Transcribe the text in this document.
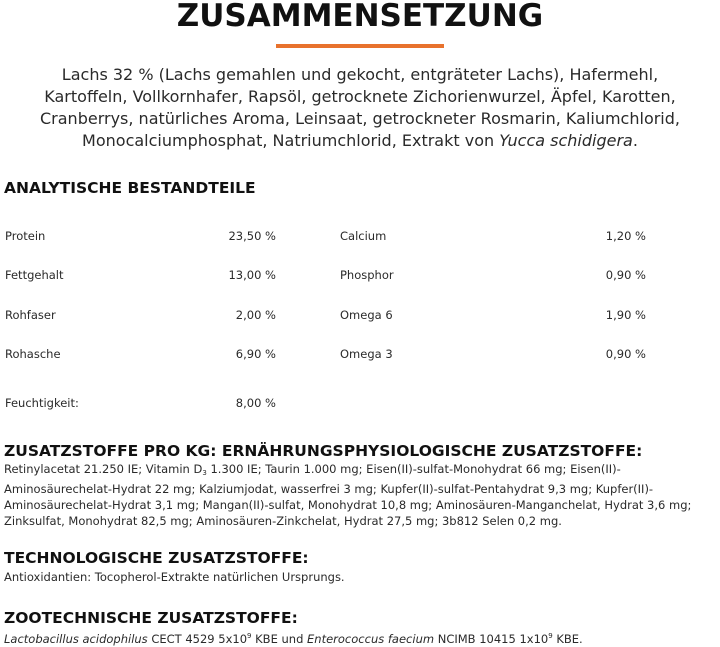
ZUSAMMENSETZUNG
Lachs 32 % (Lachs gemahlen und gekocht, entgräteter Lachs), Hafermehl,
Kartoffeln, Vollkornhafer, Rapsöl, getrocknete Zichorienwurzel, Äpfel, Karotten,
Cranberrys, natürliches Aroma, Leinsaat, getrockneter Rosmarin, Kaliumchlorid,
Monocalciumphosphat, Natriumchlorid, Extrakt von Yucca schidigera.
ANALYTISCHE BESTANDTEILE
Protein	23,50 %	Calcium	1,20 %
Fettgehalt	13,00 %	Phosphor	0,90 %
Rohfaser	2,00 %	Omega 6	1,90 %
Rohasche	6,90 %	Omega 3	0,90 %
Feuchtigkeit:	8,00 %
ZUSATZSTOFFE PRO KG: ERNÄHRUNGSPHYSIOLOGISCHE ZUSATZSTOFFE:
Retinylacetat 21.250 IE; Vitamin $D_3$ 1.300 IE; Taurin 1.000 mg; Eisen(II)-sulfat-Monohydrat 66 mg; Eisen(II)-Aminosäurechelat-Hydrat 22 mg; Kalziumjodat, wasserfrei 3 mg; Kupfer(II)-sulfat-Pentahydrat 9,3 mg; Kupfer(II)-Aminosäurechelat-Hydrat 3,1 mg; Mangan(II)-sulfat, Monohydrat 10,8 mg; Aminosäuren-Manganchelat, Hydrat 3,6 mg; Zinksulfat, Monohydrat 82,5 mg; Aminosäuren-Zinkchelat, Hydrat 27,5 mg; 3b812 Selen 0,2 mg.
TECHNOLOGISCHE ZUSATZSTOFFE:
Antioxidantien: Tocopherol-Extrakte natürlichen Ursprungs.
ZOOTECHNISCHE ZUSATZSTOFFE:
Lactobacillus acidophilus CECT 4529 $5x10^9$ KBE und Enterococcus faecium NCIMB 10415 $1x10^9$ KBE.
